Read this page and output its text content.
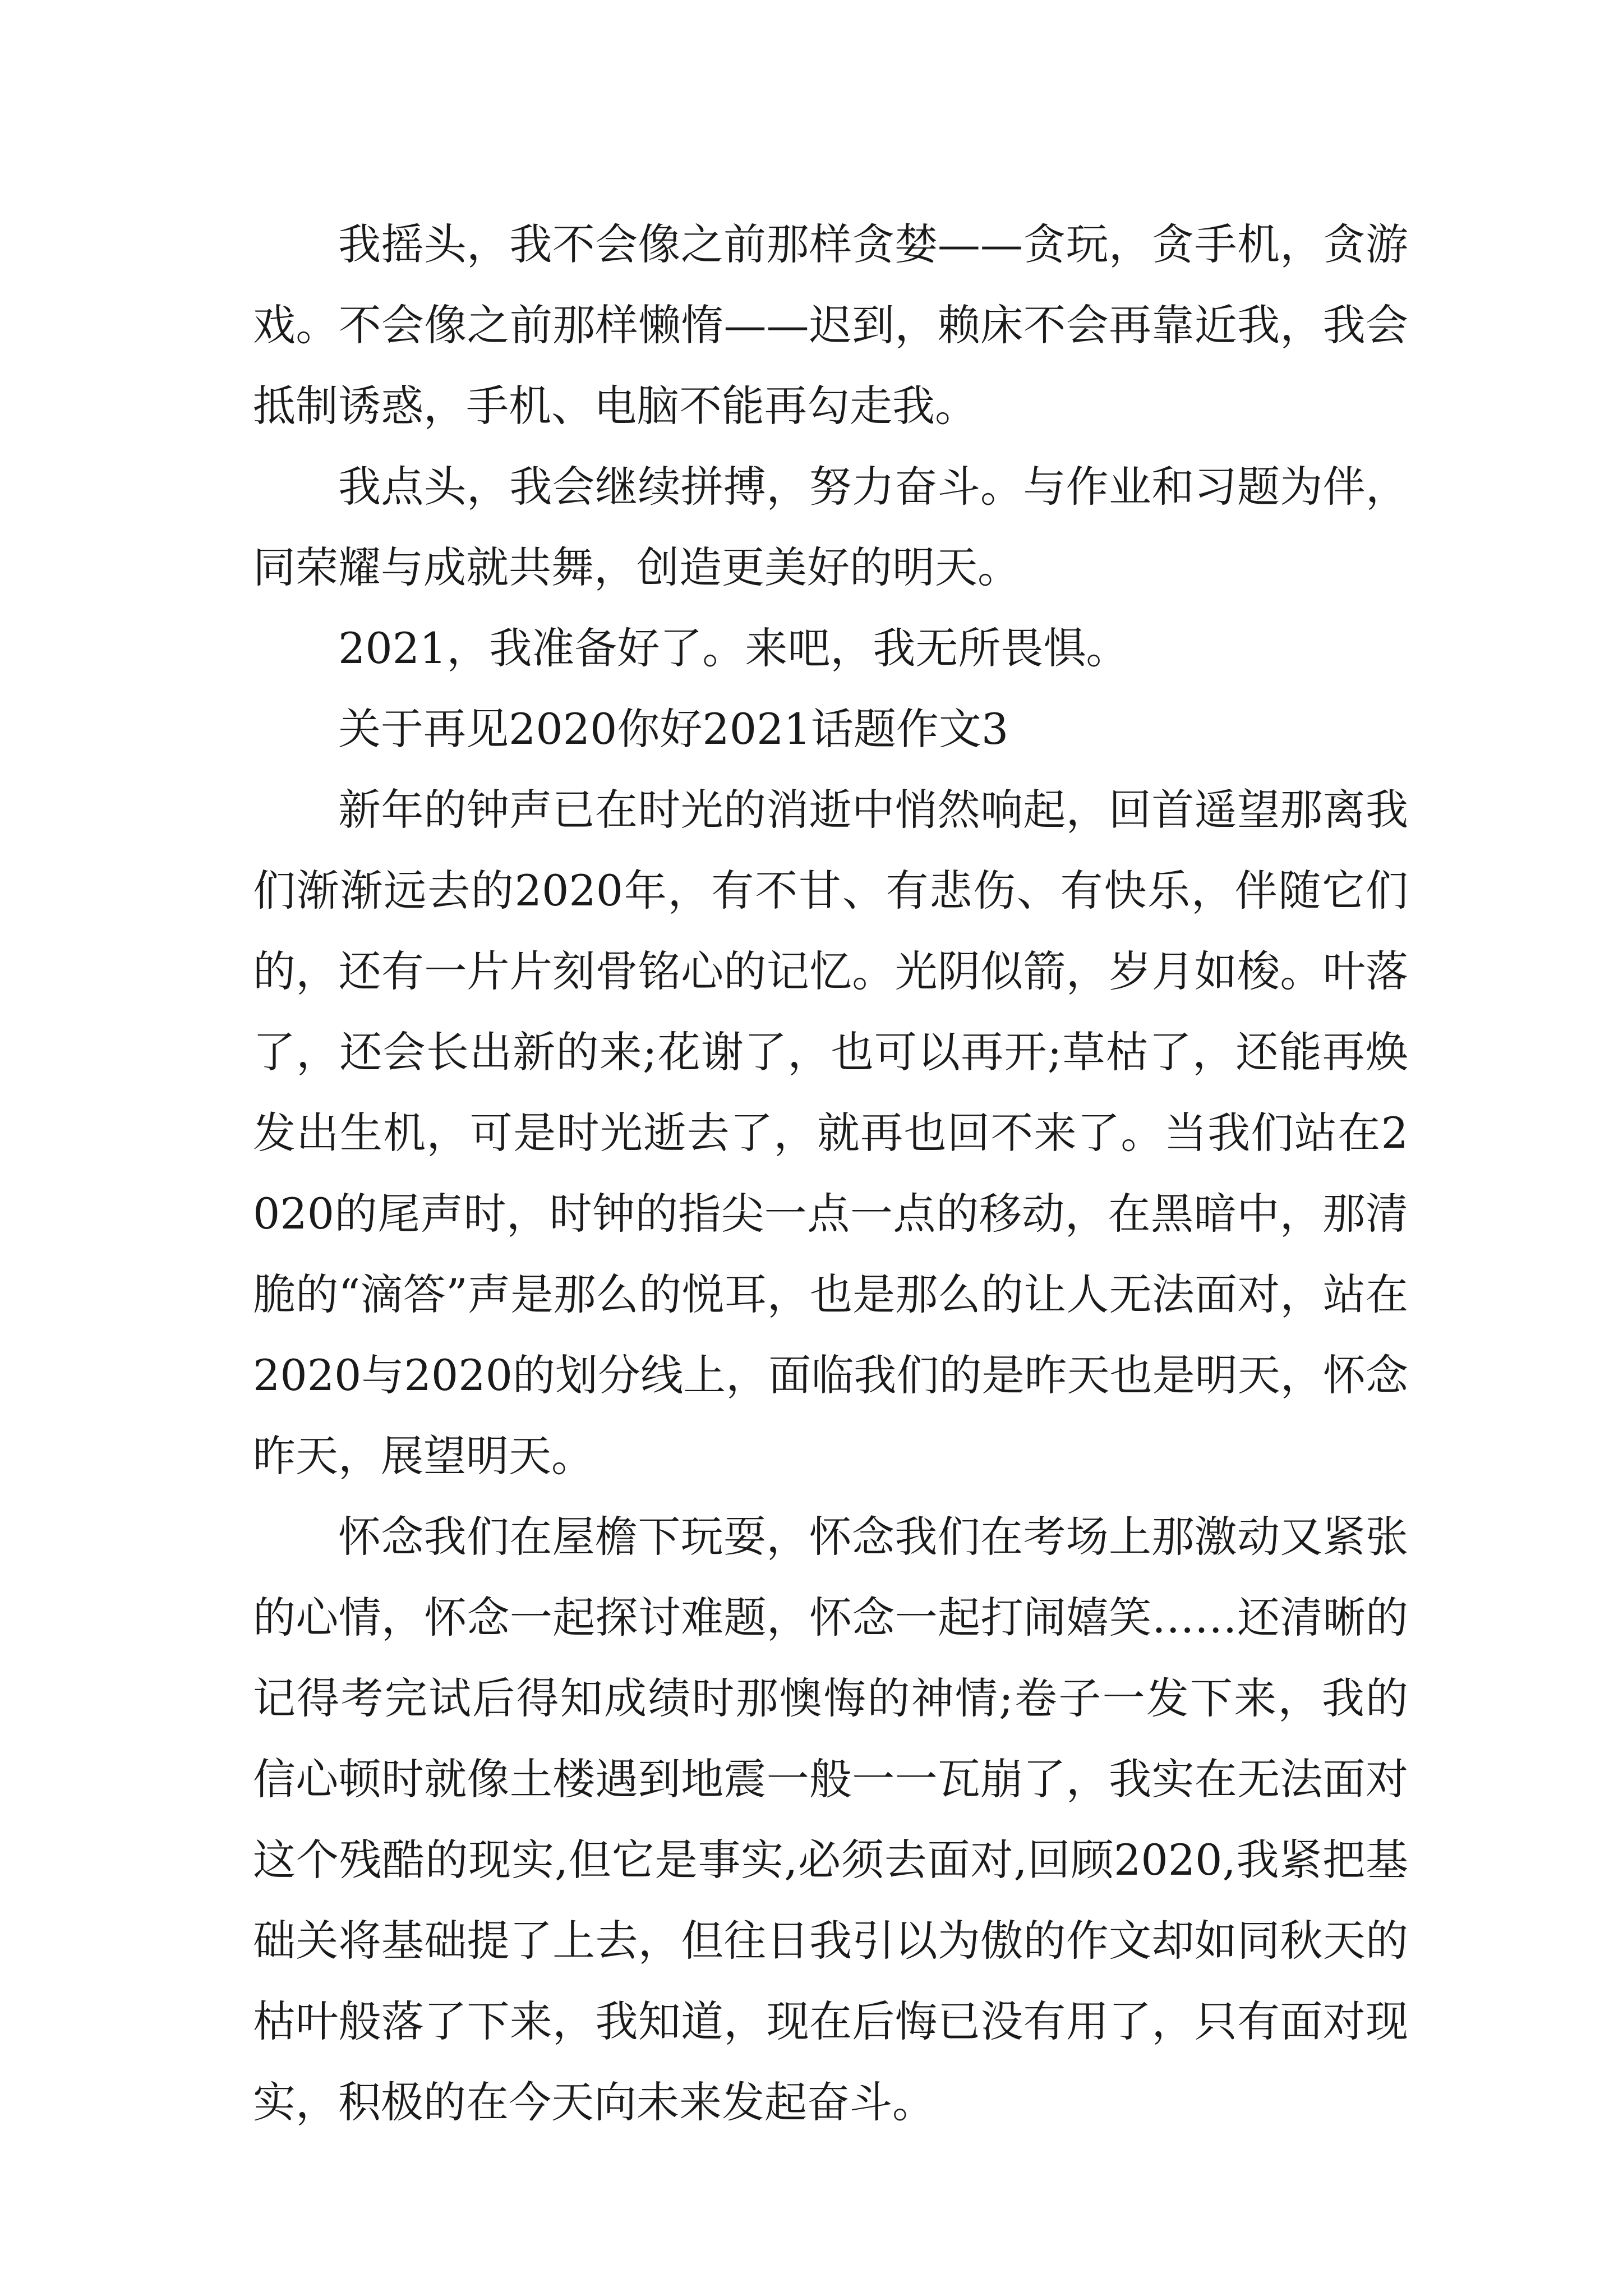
我摇头，我不会像之前那样贪婪——贪玩，贪手机，贪游戏。不会像之前那样懒惰——迟到，赖床不会再靠近我，我会抵制诱惑，手机、电脑不能再勾走我。

我点头，我会继续拼搏，努力奋斗。与作业和习题为伴，同荣耀与成就共舞，创造更美好的明天。

2021，我准备好了。来吧，我无所畏惧。

关于再见2020你好2021话题作文3

新年的钟声已在时光的消逝中悄然响起，回首遥望那离我们渐渐远去的2020年，有不甘、有悲伤、有快乐，伴随它们的，还有一片片刻骨铭心的记忆。光阴似箭，岁月如梭。叶落了，还会长出新的来;花谢了，也可以再开;草枯了，还能再焕发出生机，可是时光逝去了，就再也回不来了。当我们站在2020的尾声时，时钟的指尖一点一点的移动，在黑暗中，那清脆的“滴答”声是那么的悦耳，也是那么的让人无法面对，站在2020与2020的划分线上，面临我们的是昨天也是明天，怀念昨天，展望明天。

怀念我们在屋檐下玩耍，怀念我们在考场上那激动又紧张的心情，怀念一起探讨难题，怀念一起打闹嬉笑……还清晰的记得考完试后得知成绩时那懊悔的神情;卷子一发下来，我的信心顿时就像土楼遇到地震一般一一瓦崩了，我实在无法面对这个残酷的现实,但它是事实,必须去面对,回顾2020,我紧把基础关将基础提了上去，但往日我引以为傲的作文却如同秋天的枯叶般落了下来，我知道，现在后悔已没有用了，只有面对现实，积极的在今天向未来发起奋斗。
